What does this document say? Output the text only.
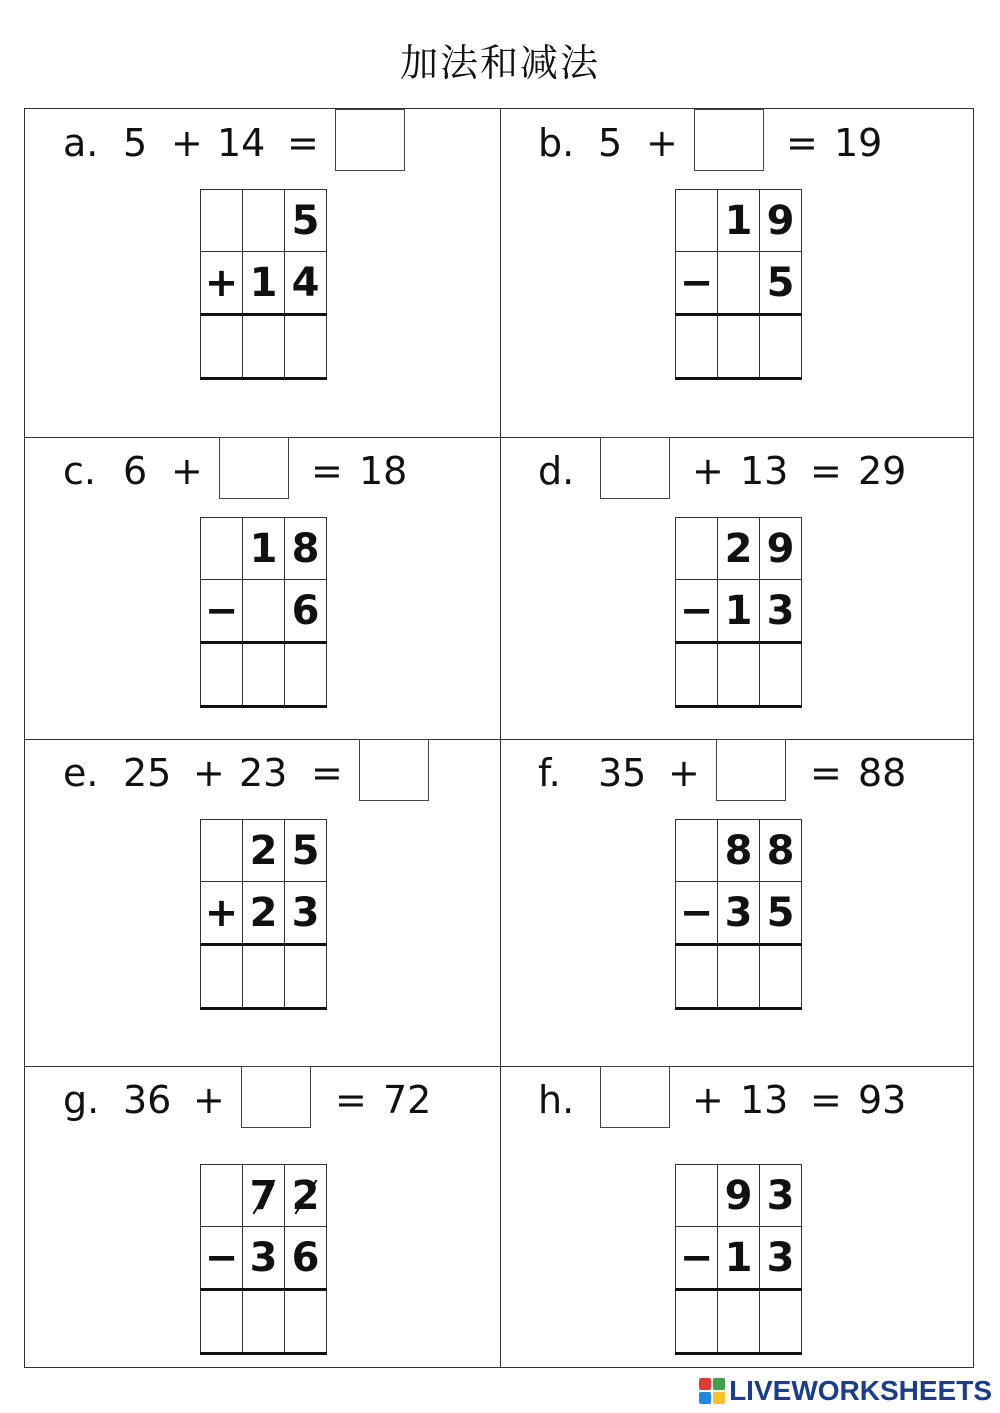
加法和减法
a. 5 + 14 =
		5
+	1	4

b. 5 +	= 19
	1	9
−		5

c. 6 +	= 18
	1	8
−		6

d.	+ 13 = 29
	2	9
−	1	3

e. 25 + 23 =
	2	5
+	2	3

f. 35 +	= 88
	8	8
−	3	5

g. 36 +	= 72
	7	2
−	3	6

h.	+ 13 = 93
	9	3
−	1	3

LIVEWORKSHEETS
